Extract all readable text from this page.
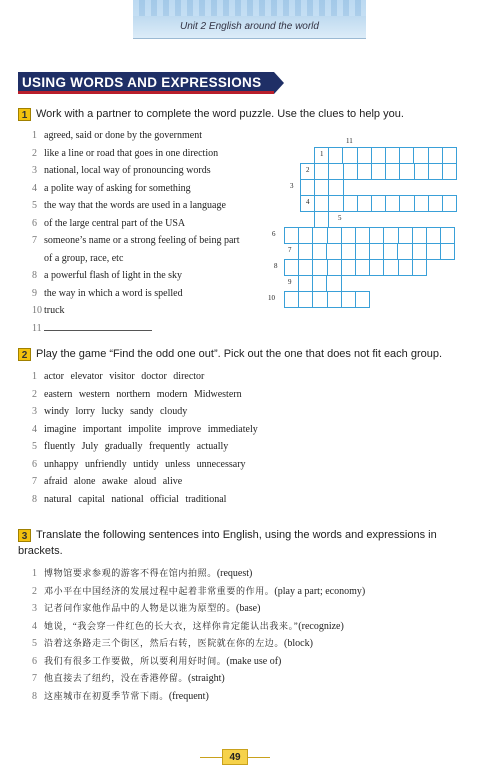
Unit 2 English around the world
USING WORDS AND EXPRESSIONS
1 Work with a partner to complete the word puzzle. Use the clues to help you.
1 agreed, said or done by the government
2 like a line or road that goes in one direction
3 national, local way of pronouncing words
4 a polite way of asking for something
5 the way that the words are used in a language
6 of the large central part of the USA
7 someone’s name or a strong feeling of being part
of a group, race, etc
8 a powerful flash of light in the sky
9 the way in which a word is spelled
10 truck
11
11
1
2
3
4
5
6
7
8
9
10
2 Play the game “Find the odd one out”. Pick out the one that does not fit each group.
1 actor elevator visitor doctor director
2 eastern western northern modern Midwestern
3 windy lorry lucky sandy cloudy
4 imagine important impolite improve immediately
5 fluently July gradually frequently actually
6 unhappy unfriendly untidy unless unnecessary
7 afraid alone awake aloud alive
8 natural capital national official traditional
3 Translate the following sentences into English, using the words and expressions in
brackets.
1 博物馆要求参观的游客不得在馆内拍照。(request)
2 邓小平在中国经济的发展过程中起着非常重要的作用。(play a part; economy)
3 记者问作家他作品中的人物是以谁为原型的。(base)
4 她说，“我会穿一件红色的长大衣，这样你肯定能认出我来。”(recognize)
5 沿着这条路走三个街区，然后右转，医院就在你的左边。(block)
6 我们有很多工作要做，所以要利用好时间。(make use of)
7 他直接去了纽约，没在香港停留。(straight)
8 这座城市在初夏季节常下雨。(frequent)
49
